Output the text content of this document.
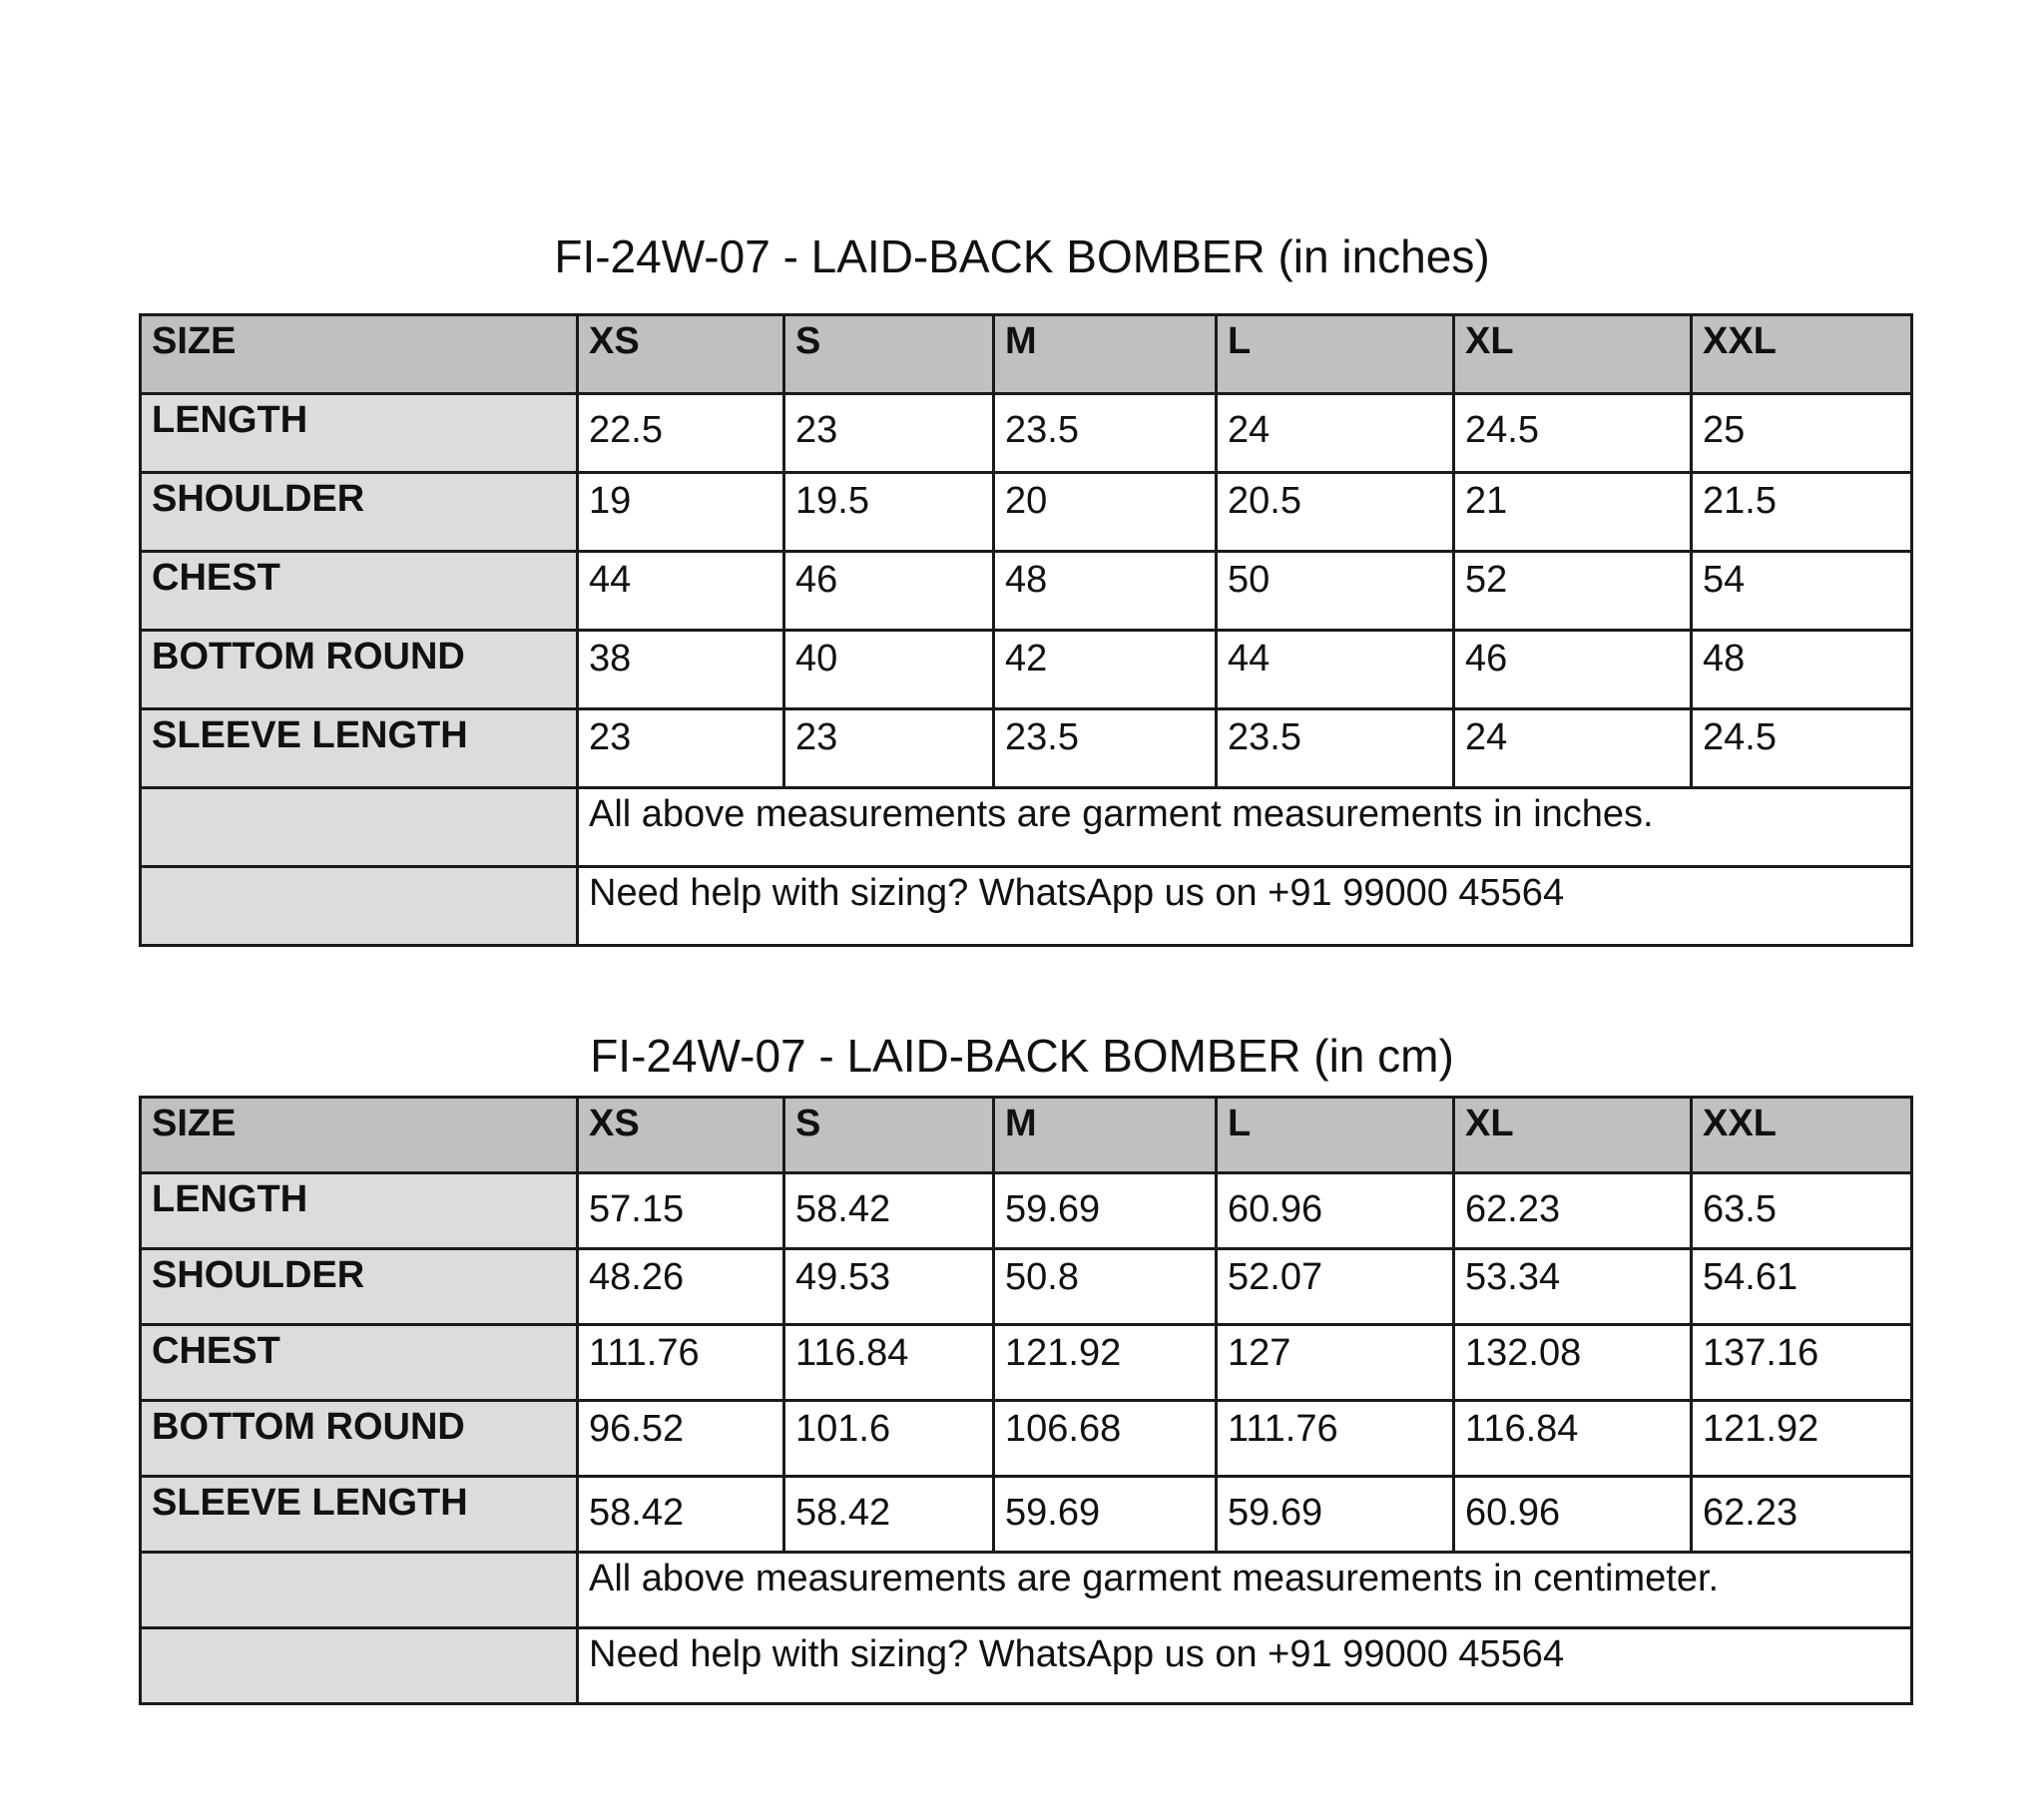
FI-24W-07 - LAID-BACK BOMBER (in inches)
SIZE	XS	S	M	L	XL	XXL
LENGTH	22.5	23	23.5	24	24.5	25
SHOULDER	19	19.5	20	20.5	21	21.5
CHEST	44	46	48	50	52	54
BOTTOM ROUND	38	40	42	44	46	48
SLEEVE LENGTH	23	23	23.5	23.5	24	24.5
	All above measurements are garment measurements in inches.					
	Need help with sizing? WhatsApp us on +91 99000 45564					
FI-24W-07 - LAID-BACK BOMBER (in cm)
SIZE	XS	S	M	L	XL	XXL
LENGTH	57.15	58.42	59.69	60.96	62.23	63.5
SHOULDER	48.26	49.53	50.8	52.07	53.34	54.61
CHEST	111.76	116.84	121.92	127	132.08	137.16
BOTTOM ROUND	96.52	101.6	106.68	111.76	116.84	121.92
SLEEVE LENGTH	58.42	58.42	59.69	59.69	60.96	62.23
	All above measurements are garment measurements in centimeter.					
	Need help with sizing? WhatsApp us on +91 99000 45564					
